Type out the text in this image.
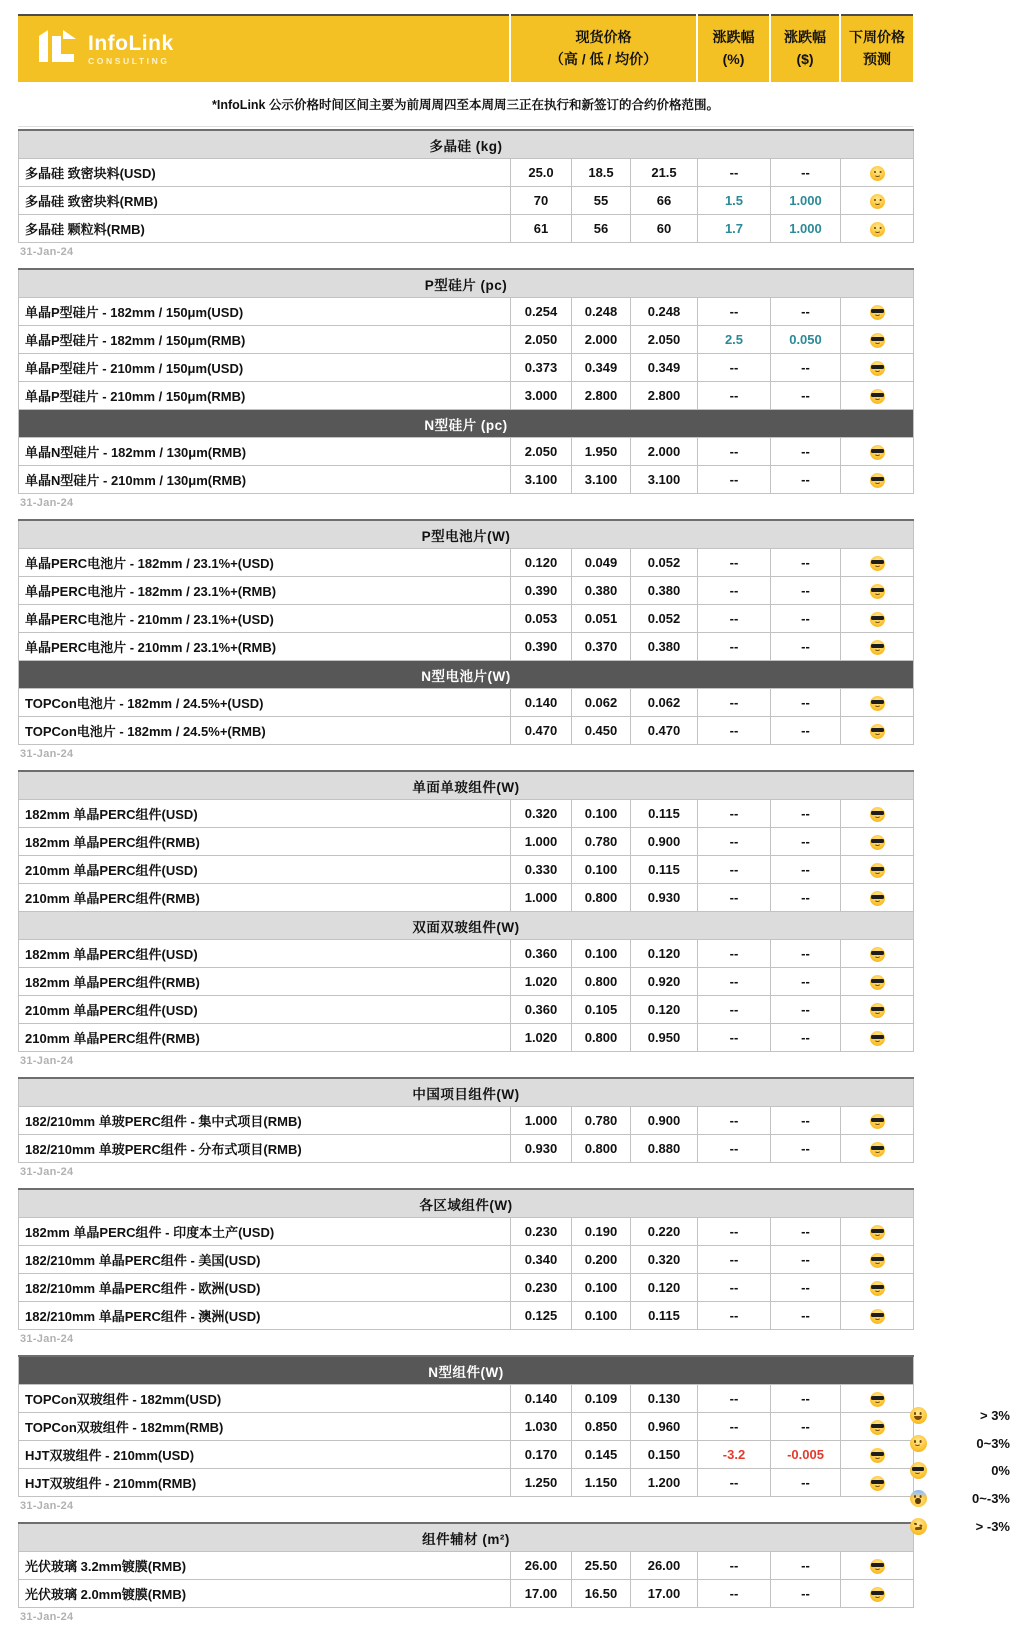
InfoLink
CONSULTING

现货价格
（高 / 低 / 均价）

涨跌幅
(%)

涨跌幅
($)

下周价格
预测

*InfoLink 公示价格时间区间主要为前周周四至本周周三正在执行和新签订的合约价格范围。
多晶硅 (kg)						
多晶硅 致密块料(USD)	25.0	18.5	21.5	--	--	
多晶硅 致密块料(RMB)	70	55	66	1.5	1.000	
多晶硅 颗粒料(RMB)	61	56	60	1.7	1.000	
31-Jan-24
P型硅片 (pc)						
单晶P型硅片 - 182mm / 150μm(USD)	0.254	0.248	0.248	--	--	
单晶P型硅片 - 182mm / 150μm(RMB)	2.050	2.000	2.050	2.5	0.050	
单晶P型硅片 - 210mm / 150μm(USD)	0.373	0.349	0.349	--	--	
单晶P型硅片 - 210mm / 150μm(RMB)	3.000	2.800	2.800	--	--	
N型硅片 (pc)						
单晶N型硅片 - 182mm / 130μm(RMB)	2.050	1.950	2.000	--	--	
单晶N型硅片 - 210mm / 130μm(RMB)	3.100	3.100	3.100	--	--	
31-Jan-24
P型电池片(W)						
单晶PERC电池片 - 182mm / 23.1%+(USD)	0.120	0.049	0.052	--	--	
单晶PERC电池片 - 182mm / 23.1%+(RMB)	0.390	0.380	0.380	--	--	
单晶PERC电池片 - 210mm / 23.1%+(USD)	0.053	0.051	0.052	--	--	
单晶PERC电池片 - 210mm / 23.1%+(RMB)	0.390	0.370	0.380	--	--	
N型电池片(W)						
TOPCon电池片 - 182mm / 24.5%+(USD)	0.140	0.062	0.062	--	--	
TOPCon电池片 - 182mm / 24.5%+(RMB)	0.470	0.450	0.470	--	--	
31-Jan-24
单面单玻组件(W)						
182mm 单晶PERC组件(USD)	0.320	0.100	0.115	--	--	
182mm 单晶PERC组件(RMB)	1.000	0.780	0.900	--	--	
210mm 单晶PERC组件(USD)	0.330	0.100	0.115	--	--	
210mm 单晶PERC组件(RMB)	1.000	0.800	0.930	--	--	
双面双玻组件(W)						
182mm 单晶PERC组件(USD)	0.360	0.100	0.120	--	--	
182mm 单晶PERC组件(RMB)	1.020	0.800	0.920	--	--	
210mm 单晶PERC组件(USD)	0.360	0.105	0.120	--	--	
210mm 单晶PERC组件(RMB)	1.020	0.800	0.950	--	--	
31-Jan-24
中国项目组件(W)						
182/210mm 单玻PERC组件 - 集中式项目(RMB)	1.000	0.780	0.900	--	--	
182/210mm 单玻PERC组件 - 分布式项目(RMB)	0.930	0.800	0.880	--	--	
31-Jan-24
各区域组件(W)						
182mm 单晶PERC组件 - 印度本土产(USD)	0.230	0.190	0.220	--	--	
182/210mm 单晶PERC组件 - 美国(USD)	0.340	0.200	0.320	--	--	
182/210mm 单晶PERC组件 - 欧洲(USD)	0.230	0.100	0.120	--	--	
182/210mm 单晶PERC组件 - 澳洲(USD)	0.125	0.100	0.115	--	--	
31-Jan-24
N型组件(W)						
TOPCon双玻组件 - 182mm(USD)	0.140	0.109	0.130	--	--	
TOPCon双玻组件 - 182mm(RMB)	1.030	0.850	0.960	--	--	
HJT双玻组件 - 210mm(USD)	0.170	0.145	0.150	-3.2	-0.005	
HJT双玻组件 - 210mm(RMB)	1.250	1.150	1.200	--	--	
31-Jan-24
组件辅材 (m²)						
光伏玻璃 3.2mm镀膜(RMB)	26.00	25.50	26.00	--	--	
光伏玻璃 2.0mm镀膜(RMB)	17.00	16.50	17.00	--	--	
31-Jan-24
> 3%
0~3%
0%
0~-3%
> -3%
